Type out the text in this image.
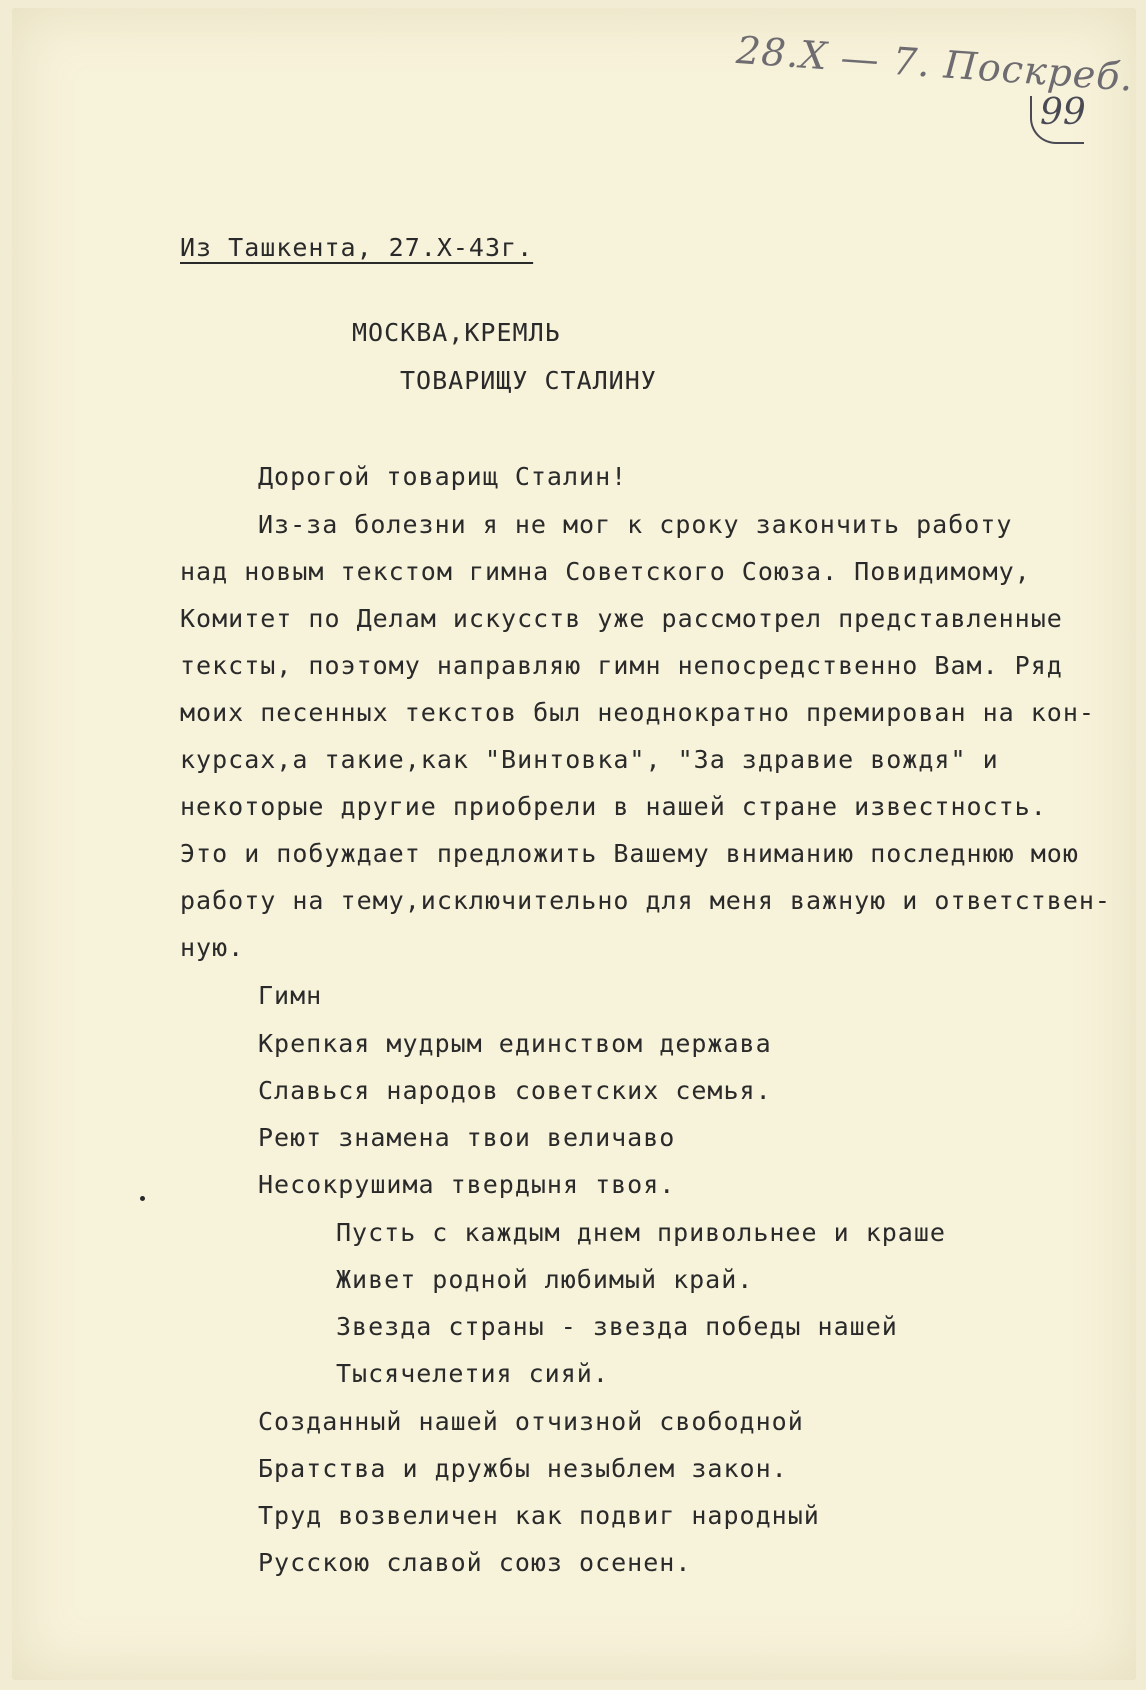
28.X — 7. Поскреб.
99
Из Ташкента, 27.X-43г.
МОСКВА,КРЕМЛЬ
ТОВАРИЩУ СТАЛИНУ
Дорогой товарищ Сталин!
Из-за болезни я не мог к сроку закончить работу
над новым текстом гимна Советского Союза. Повидимому,
Комитет по Делам искусств уже рассмотрел представленные
тексты, поэтому направляю гимн непосредственно Вам. Ряд
моих песенных текстов был неоднократно премирован на кон-
курсах,а такие,как "Винтовка", "За здравие вождя" и
некоторые другие приобрели в нашей стране известность.
Это и побуждает предложить Вашему вниманию последнюю мою
работу на тему,исключительно для меня важную и ответствен-
ную.
Гимн
Крепкая мудрым единством держава
Славься народов советских семья.
Реют знамена твои величаво
Несокрушима твердыня твоя.
Пусть с каждым днем привольнее и краше
Живет родной любимый край.
Звезда страны - звезда победы нашей
Тысячелетия сияй.
Созданный нашей отчизной свободной
Братства и дружбы незыблем закон.
Труд возвеличен как подвиг народный
Русскою славой союз осенен.
